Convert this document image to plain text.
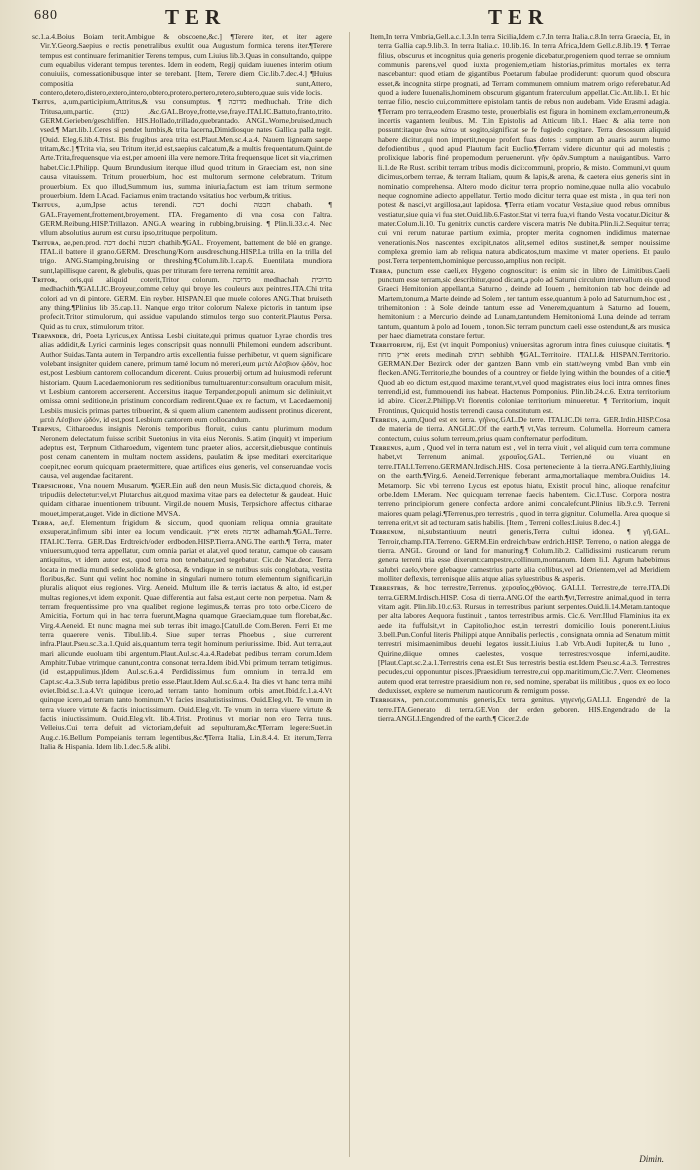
680	TER	TER
sc.1.a.4.Boius Boiam terit.Ambigue & obscoene,&c.] ¶Terere iter, et iter agere Vir.Y.Georg.Saepius e rectis penetralibus exultit oua Augustum formica terens iter.¶Terere tempus est continuare ferimanitier Terens tempus, cum Liuius lib.3.Quas in consultando, quippe cum equabilus viderant tempus terentes. Idem in eodem, Regij quidam iuuenes interim otium conuiuiis, comessationibusque inter se terebant. [Item, Terere diem Cic.lib.7.dec.4.] ¶Huius compositia sunt,Attero, contero,detero,distero,extero,intero,obtero,protero,pertero,retero,subtero,quae suis vide locis.
Tritus, a,um,participium,Attritus,& vsu consumptus. ¶ מדוכה medhuchah. Trite dich Tritusa,um,partic. (גנוב) .&c.GAL.Broye,frotte,vse,fraye.ITALIC.Battuto,franto,trito. GERM.Gerieben/geschliffen. HIS.Hollado,trillado,quebrantado. ANGL.Worne,bruised,much vsed.¶ Mart.lib.1.Ceres si pendet lumbis,& trita lacerna,Dimidiosque nates Gallica palla tegit. [Ouid. Eleg.6.lib.4.Trist. Bis frugibus area trita est.Plaut.Men.sc.4.a.4. Nauem ligneam saepe tritam,&c.] ¶Trita via, seu Tritum iter,id est,saepius calcatum,& a multis frequentatum.Quint.de Arte.Trita,frequensque via est,per amoeni illa vere nemore.Trita frequensque licet sit via,crimen habet.Cic.I.Philipp. Quum Brundusium iterque illud quod tritum in Graeciam est, non sine causa vitauissem. Tritum prouerbium, hoc est multorum sermone celebratum. Tritum prouerbium. Ex quo illud,Summum ius, summa iniuria,factum est iam tritum sermone prouerbium. Idem I.Acad. Faciamus enim tractando vsitatius hoc verbum,& tritius.
Trituus, a,um,Ipse actus terendi. דכה dochi חבטה chabath. ¶ GAL.Frayement,frottement,broyement. ITA. Fregamento di vna cosa con l'altra. GERM.Reibung.HISP.Trillazon. ANG.A wearing in rubbing,bruising. ¶ Plin.li.33.c.4. Nec vllum absolutius aurum est cursu ipso,trituque perpolitum.
Tritura, ae,pen.prod. דכה dochi חבטה chathib.¶GAL. Froyement, battement de blé en grange. ITAL.il battere il grano.GERM. Dreschung/Korn ausdreschung.HISP.La trilla en la trilla del trigo. ANG.Stamping,bruising or threshing.¶Colum.lib.1.cap.6. Euentilata mundiora sunt,lapillisque carent, & glebulis, quas per trituram fere terrena remittit area.
Tritor, oris,qui aliquid coterit,Tritor colorum. מדוכה medhachah מדוכית medhachith.¶GALLIC.Broyeur,comme celuy qui broye les couleurs aux peintres.ITA.Chi trita colori ad vn di pintore. GERM. Ein reyber. HISPAN.El que muele colores ANG.That bruiseth any thing.¶Plinius lib 35.cap.11. Nanque ergo tritor colorum Nalexe pictoris in tantum ipse profecit.Tritor stimulorum, qui assidue vapulando stimulos tergo suo conterit.Plautus Persa. Quid as tu crux, stimulorum tritor.
Terpander, dri, Poeta Lyricus,ex Antissa Lesbi ciuitate,qui primus quatuor Lyrae chordis tres alias addidit,& Lyrici carminis leges conscripsit quas nonnulli Philemoni eundem adscribunt. Author Suidas.Tanta autem in Terpandro artis excellentia fuisse perhibetur, vt quem significare volebant insigniter quidem canere, primum tamé locum nó mereri,eum μετὰ Λέσβιον ᾠδόν, hoc est,post Lesbium cantorem collocandum dicerent. Cuius prouerbij ortum ad huiusmodi referunt historiam. Quum Lacedaemoniorum res seditionibus tumultuarentur:consultum oraculum misit, vt Lesbium cantorem accerserent. Accersitus itaque Terpander,populi animum sic deliniuit,vt omissa omni seditione,in pristinum concordiam redirent.Quae ex re factum, vt Lacedaemonij Lesbiis musicis primas partes tribuerint, & si quem alium canentem audissent protinus dicerent, μετὰ Λέσβιον ᾠδόν, id est,post Lesbium cantorem eum collocandum.
Terpnus, Citharoedus insignis Neronis temporibus floruit, cuius cantu plurimum modum Neronem delectatum fuisse scribit Suetonius in vita eius Neronis. S.atim (inquit) vt imperium adeptus est, Terpnum Citharoedum, vigentem tunc praeter alios, accersit,diebusque continuis post cenam canentem in multam noctem assidens, paulatim & ipse meditari exercitarique coepit,nec eorum quicquam praetermittere, quae artifices eius generis, vel conseruandae vocis causa, vel augendae facitarent.
Terpsichore, Vna nouem Musarum. ¶GER.Ein auß den neun Musis.Sic dicta,quod choreis, & tripudiis delectetur:vel,vt Plutarchus ait,quod maxima vitae pars ea delectetur & gaudeat. Huic quidam citharae inuentionem tribuunt. Virgil.de nouem Musis, Terpsichore affectus citharae mouet,imperat,auget. Vide in dictione MVSA.
Terra, ae,f. Elementum frigidum & siccum, quod quoniam reliqua omnia grauitate exsuperat,infimum sibi inter ea locum vendicauit. ארץ erets אדמה adhamah.¶GAL.Terre. ITALIC.Terra. GER.Das Erdtreich/oder erdboden.HISP.Tierra.ANG.The earth.¶ Terra, mater vniuersum,quod terra appellatur, cum omnia pariat et alat,vel quod teratur, camque ob causam antiquitus, vt idem autor est, quod terra non tenebatur,sed tegebatur. Cic.de Nat.deor. Terra locata in media mundi sede,solida & globosa, & vndique in se nutibus suis conglobata, vestita floribus,&c. Sunt qui velint hoc nomine in singulari numero totum elementum significari,in pluralis aliquot eius regiones. Virg. Aeneid. Multum ille & terris iactatus & alto, id est,per multas regiones,vt idem exponit. Quae differentia aut falsa est,aut certe non perpetua. Nam & terram frequentissime pro vna qualibet regione legimus,& terras pro toto orbe.Cicero de Amicitia, Fortum qui in hac terra fuerunt,Magna quamque Graeciam,quae tum florebat,&c. Virg.4.Aeneid. Et nunc magna mei sub terras ibit imago.[Catull.de Com.Beren. Ferri Et me terra quaerere venis. Tibul.lib.4. Siue super terras Phoebus , siue currerent infra.Plaut.Pseu.sc.3.a.1.Quid ais,quantum terra tegit hominum periurissime. Ibid. Aut terra,aut mari alicunde euoluam tibi argentum.Plaut.Aul.sc.4.a.4.Radebat pedibus terram corum.Idem Amphitr.Tubae vtrimque canunt,contra consonat terra.Idem ibid.Vbi primum terram tetigimus.(id est,appulimus.)Idem Aul.sc.6.a.4 Perdidissimus fum omnium in terra.Id em Capt.sc.4.a.3.Sub terra lapidibus pretio esse.Plaut.Idem Aul.sc.6.a.4. Ita dies vt hanc terra mihi eviet.Ibid.sc.1.a.4.Vt quinque icero,ad terram tanto hominum orbis amet.Ibid.fc.1.a.4.Vt quinque icero,ad terram tanto hominum.Vt facies insalutistissimus. Ouid.Eleg.vlt. Te vnum in terra viuere virtute & factis iniuctissimum. Ouid.Eleg.vlt. Te vnum in terra viuere virtute & factis iniuctissimum. Ouid.Eleg.vlt. lib.4.Trist. Protinus vt moriar non ero Terra tuus. Velleius.Cui terra defuit ad victoriam,defuit ad sepulturam,&c.¶Terram legere:Suet.in Aug.c.16.Bellum Pompeianis terram legentibus,&c.¶Terra Italia, Lin.8.4.4. Et iterum,Terra Italia & Hispania. Idem lib.1.dec.5.& alibi.
Item,In terra Vmbria,Gell.a.c.1.3.In terra Sicilia,Idem c.7.In terra Italia.c.8.In terra Graecia, Et, in terra Gallia cap.9.lib.3. In terra Italia.c. 10.lib.16. In terra Africa,Idem Gell.c.8.lib.19. ¶ Terrae filius, obscurus et incognitus quia generis progenie dicebatur,progeniem quod terrae se omnium communis parens,vel quod iuxta progeniem,etiam historias,primitus mortales ex terra nascebantur: quod etiam de gigantibus Poetarum fabulae prodiderunt: quorum quod obscura esset,& incognita stirpe prognati, ad Terram communem omnium matrem origo referebatur.Ad quod a iudere Iuuenalis,hominem obscurum gigantum fraterculum appellat.Cic.Att.lib.1. Et hic terrae filio, nescio cui,committere epistolam tantis de rebus non audebam. Vide Erasmi adagia. ¶Terram pro terra,eodem Erasmo teste, prouerbialis est figura in hominem exclam,erroneum,& incertis vagantem leuibus. M. T.in Epistolis ad Atticum lib.1. Haec & alia terre non possunt:itaque ἄνω κάτω ut sogito,significat se fe fugiedo cogitare. Terra desossum aliquid habere dicitur,qui non impertit,neque profert fuas dotes : sumptum ab auaris aurum humo defodientibus , quod apud Plautum facit Euclio.¶Terram videre dicuntur qui ad molestis ; prolixique laboris finé propemodum peruenerunt. γῆν ὁρᾶν.Sumptum a nauigantibus. Varro li.1.de Re Rust. scribit terram tribus modis dici:communi, proprio, & misto. Communi,vt quum dicimus,orbem terrae, & terram Italiam, quum & lapis,& arena, & caetera eius generis sint in nominatio comprehensa. Altero modo dicitur terra proprio nomine,quae nulla alio vocabulo neque cognomine adiecto appellatur. Tertio modo dicitur terra quae est mista , in qua teri non potest & nasci,vt argillosa,aut lapidosa. ¶Terra etiam vocatur Vesta,siue quod rebus omnibus vestiatur,siue quia vi fua stet.Ouid.lib.6.Fastor.Stat vi terra fua,vi ftando Vesta vocatur.Dicitur & mater.Colum.li.10. Tu genitrix cunctis cardere viscera matris Ne dubita.Plin.li.2.Sequitur terra; cui vni rerum naturae partium eximia, propter merita cognomen indidimus maternae venerationis.Nos nascentes excipit,natos alit,semel editos sustinet,& semper nouissime complexa gremio iam ab reliqua natura abdicatos,tum maxime vt mater operiens. Et paulo post.Terra terpentem,hominique percusso,amplius non recipit.
Terra, punctum esse caeli,ex Hygeno cognoscitur: is enim sic in libro de Limitibus.Caeli punctum esse terram,sic describitur,quod dicant,a polo ad Saturni circulum intervallum eis quod Graeci Hemitonion appellant,a Saturno , deinde ad Iouem , hemitonion tab hoc deinde ad Martem,tonum,a Marte deinde ad Solem , ter tantum esse,quantum à polo ad Saturnum,hoc est , trihemitonion : à Sole deinde tantum esse ad Venerem,quantum à Saturno ad Iouem, hemitonium : a Mercurio deinde ad Lunam,tantundem Hemitoniomá Luna deinde ad terram tantum, quantum à polo ad Iouem , tonon.Sic terram punctum caeli esse ostendunt,& ars musica per haec diametrata constare fertur.
Territorium, rij, Est (vt inquit Pomponius) vniuersitas agrorum intra fines cuiusque ciuitatis. ¶ ארץ מחוז erets medinah תחום sebhibh ¶GAL.Territoire. ITALI.& HISPAN.Territorio. GERMAN.Der Bezirck oder der gantzen Bann vmb ein statt/weyng vmbd Ban vmb ein flecken.ANG.Territorie,the boundes of a countrey or fielde lying within the boundes of a citie.¶ Quod ab eo dictum est,quod maxime terant,vt,vel quod magistrates eius loci intra omnes fines terrendi,id est, fummouendi ius habeat. Hactenus Pomponius. Plin.lib.24.c.6. Extra territorium id abire. Cicer.2.Philipp.Vt florentis coloniae territorium minueretur. ¶ Territorium, inquit Frontinus, Quicquid hostis terrendi causa constitutum est.
Terreus, a,um,Quod est ex terra. γήϊνος.GAL.De terre. ITALIC.Di terra. GER.Irdin.HISP.Cosa de materia de tierra. ANGLIC.Of the earth.¶ vt,Vas terreum. Columella. Horreum camera contectum, cuius solum terreum,prius quam confternatur perfoditum.
Terrenus, a,um , Quod vel in terra natum est , vel in terra viuit , vel aliquid cum terra commune habet,vt Terrenum animal. χερσαῖος.GAL. Terrien,né ou viuant en terre.ITALI.Terreno.GERMAN.Irdisch.HIS. Cosa perteneciente à la tierra.ANG.Earthly,liuing on the earth.¶Virg.6. Aeneid.Terrenique feberant arma,mortaliaque membra.Ouidius 14. Metamorp. Sic vbi terreno Lycus est epotus hiatu, Existit procul hinc, alioque renafcitur orbe.Idem I.Meram. Nec quicquam terrenae faecis habentem. Cic.I.Tusc. Corpora nostra terreno principiorum genere confecta ardore animi concalefcunt.Plinius lib.9.c.9. Terreni maiores quam pelagi.¶Terrenus,pro terrestris , quod in terra gignitur. Columella. Area quoque si terrena erit,vt sit ad tecturam satis habilis. [Item , Terreni colles:Liuius 8.dec.4.]
Terrenum, ni,substantiuum neutri generis,Terra cultui idonea. ¶ γῆ.GAL. Terroir,champ.ITA.Terreno. GERM.Ein erdreich/baw erdrich.HISP. Terreno, o nation alegga de tierra. ANGL. Ground or land for manuring.¶ Colum.lib.2. Callidissimi rusticarum rerum genera terreni tria esse dixerunt:campestre,collinum,montanum. Idem li.I. Agrum habebimus salubri caelo,vbere glebaque camestrius parte alia collibus,vel ad Orientem,vel ad Meridiem molliter deflexis, terrenisque aliis atque alias syluestribus & asperis.
Terrestris, & hoc terrestre,Terrenus. χερσαῖος,χθόνιος. GALLI. Terrestre,de terre.ITA.Di terra.GERM.Irdisch.HISP. Cosa di tierra.ANG.Of the earth.¶vt,Terrestre animal,quod in terra vitam agit. Plin.lib.10.c.63. Rursus in terrestribus pariunt serpentes.Ouid.li.14.Metam.tantoque per alta labores Aequora fustinuit , tantos terrestribus armis. Cic.6. Verr.Illud Flaminius ita ex aede ita fuffulsit,vt in Capitolio,hoc est,in terrestri domicilio Iouis ponerent.Liuius 3.bell.Pun.Conful literis Philippi atque Annibalis perlectis , consignata omnia ad Senatum mittit terrestri misimaenimibus deuehi legatos iussit.Liuius 1.ab Vrb.Audi Iupiter,& tu Iuno , Quirine,diique omnes caelestes, vosque terrestres:vosque inferni,audite.[Plaut.Capt.sc.2.a.1.Terrestris cena est.Et Sus terrestris bestia est.Idem Pseu.sc.4.a.3. Terrestres pecudes,cui opponuntur pisces.]Praesidium terrestre,cui opp.maritimum,Cic.7.Verr. Cleomenes autem quod erat terrestre praesidium non re, sed nomine, sperabat iis militibus , quos ex eo loco deduxisset, explere se numerum nauticorum & remigum posse.
Terrigena, pen.cor.communis generis,Ex terra genitus. γηγενής.GALLI. Engendré de la terre.ITA.Generato di terra.GE.Von der erden geboren. HIS.Engendrado de la tierra.ANGLI.Engendred of the earth.¶ Cicer.2.de
Dimin.
